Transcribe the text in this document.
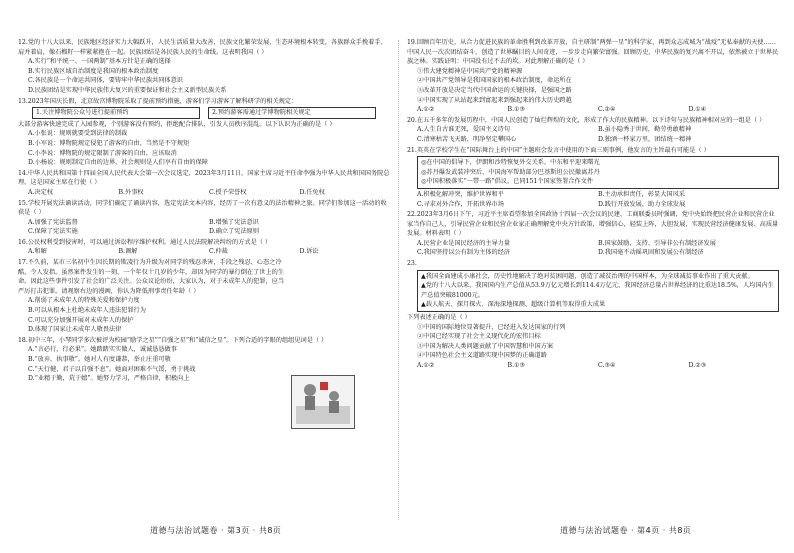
12.党的十八大以来，民族地区经济实力大幅跃升，人民生活质量大改善，民族文化繁荣发展，生态环境根本转变，各族群众手挽着手、肩并着肩，像石榴籽一样紧紧抱在一起。民族团结是各民族人民的生命线。这表明我国（ ）
A.实行“和平统一、一国两制”基本方针是正确的选择
B.实行民族区域自治制度是我国的根本政治制度
C.各民族是一个命运共同体，要铸牢中华民族共同体意识
D.民族团结是实现中华民族伟大复兴的重要保证和社会主义新型民族关系
13.2023年国庆长假，北京故宫博物院采取了提前预约措施，游客们学习游客了解科研学的相关规定：
1.关注博物院公众号进行提前预约	2.预约游客需通过学博物院相关规定
大部分游客快速完成了入园参观，个别游客没有预约，拒绝配合排队，引发人员秩序混乱。以下认识为正确的是（ ）
A.小张说：规则就要受到法律的制裁
B.小军说：博物院规定侵犯了游客的自由，当然是不守规矩
C.小李说：博物院的规定限制了游客的自由，应该取消
D.小杨说：规则制定自由的边界，社会规则是人们享有自由的保障
14.中华人民共和国第十四届全国人民代表大会第一次会议选定，2023年3月11日，国家主席习近平任命李强为中华人民共和国国务院总理。这是国家主席在行使（ ）
A.决定权	B.外事权	C.授予荣誉权	D.任免权
15.学校开展宪法诵读活动，同学们确定了诵读内容，选定宪法文本内容，经历了一次有意义的法治精神之旅。同学们参加这一活动的收获是（ ）
A.加强了宪法监督	B.增强了宪法意识
C.保障了宪法实施	D.确立了宪法原则
16.公民权利受到侵害时，可以通过诉讼程序维护权利。通过人民法院解决纠纷的方式是（ ）
A.和解	B.调解	C.仲裁	D.诉讼
17.不久前，某市三名初中生因长期的欺凌行为升级为对同学的残忍杀害，手段之残忍、心态之冷酷，令人发指。虽然案件发生的一刻，一个年仅十几岁的少年，却因为同学的暴行倒在了世上的生命。因此这些事件引发了社会的广泛关注。公众议论纷纷，大家认为，对于未成年人的犯罪，应当严厉打击犯罪。请观察右边的漫画，你认为降低刑事责任年龄（ ）
A.削弱了未成年人的特殊关爱和保护力度
B.可以从根本上杜绝未成年人违法犯罪行为
C.可以充分加强开展对未成年人的保护
D.体现了国家让未成年人敬畏法律
18.初中三年，小琴同学多次被评为校园“励学之星”“自强之星”和“诚信之星”。下列合适的字眼的组组见词是（ ）
A.“言必行，行必果”。她踏踏实实做人，诚诚恳恳做事
B.“放弃，执事敬”。她对人有度谦恭，举止庄重可敬
C.“天行健，君子以自强不息”。她面对困难不气馁，勇于挑战
D.“业精于勤，荒于嬉”。她努力学习，严格自律，积极向上
19.回顾百年历史，从合力促进民族的革命胜利到改革开放，自主研制“两弹一星”的科学家，再到众志成城为“战疫”无私奉献的天使……中国人民一次次团结奋斗，创造了世界瞩目的人间奇迹，一步步走向繁荣富强。回顾历史，中华民族的复兴离不开以，依然被立于世界民族之林。实践证明：中国没有过不去的坎。对此理解正确的是（ ）
①伟大建党精神是中国共产党的精神源
②中国共产党领导是我国国家的根本政治制度，命运所在
③改革开放是决定当代中国命运的关键抉择，是强国之路
④中国实现了从站起来到富起来到强起来的伟大历史跨越
A.①②	B.①③	C.②④	D.①④
20.在五千多年的发展历程中，中国人民创造了灿烂辉煌的文化，形成了作大的民族精神。以下诗句与民族精神相对应的一组是（ ）
A.人生自古谁无死，爱国主义诗句	B.虽小隐秀于世间，勤劳勇敢精神
C.清寒枯苦飞天路，明净坚定攀国心	D.独酒一杯家万里，团结统一精神
21.英英在学校学生在“国际舞台上的中国”主题班会发言中使用的下面三则事例，他发言的主旨最有可能是（ ）
◎在中国的倡导下，伊朗和沙特恢复外交关系，中东和平迎来曙光
◎苏丹爆发武装冲突后，中国海军帮助部分巴基斯坦公民撤离苏丹
◎中国积极落实“一带一路”倡议，已同151个国家签署合作文件
A.积极化解冲突，维护世界和平	B.主动承担责任，彰显大国风采
C.寻求对外合作，开拓世界市场	D.践行开放发展，助力全球发展
22.2023年3月6日下午，习近平主席看望参加全国政协十四届一次会议的民建、工商联委员时强调，党中央始终把民营企业和民营企业家当作自己人，引导民营企业和民营企业家正确理解党中央方针政策，增强信心，轻装上阵，大胆发展，实现民营经济健康发展、高质量发展。材料表明（ ）
A.民营企业是国民经济的主导力量	B.国家鼓励、支持、引导非公有制经济发展
C.我国坚持以公有制为主体的经济	D.我国毫不动摇巩固和发展公有制经济
23.
▲我国全面建成小康社会，历史性地解决了绝对贫困问题，创造了减贫治理的中国样本，为全球减贫事业作出了重大贡献。
▲党的十八大以来，我国国内生产总值从53.9万亿元增长到114.4万亿元，我国经济总量占世界经济的比重达18.5%，人均国内生产总值突破81000元。
▲载人航天、探月探火、深海深地探测、超级计算机等取得重大成果
下列表述正确的是（ ）
①中国的国际地位显著提升，已经进入发达国家的行列
②中国已经实现了社会主义现代化的宏伟目标
③中国为解决人类问题贡献了中国智慧和中国方案
④中国特色社会主义道路实现中国梦的正确道路
A.①②	B.①③	C.③④	D.②③
道德与法治试题卷 · 第3页 · 共8页	道德与法治试题卷 · 第4页 · 共8页
